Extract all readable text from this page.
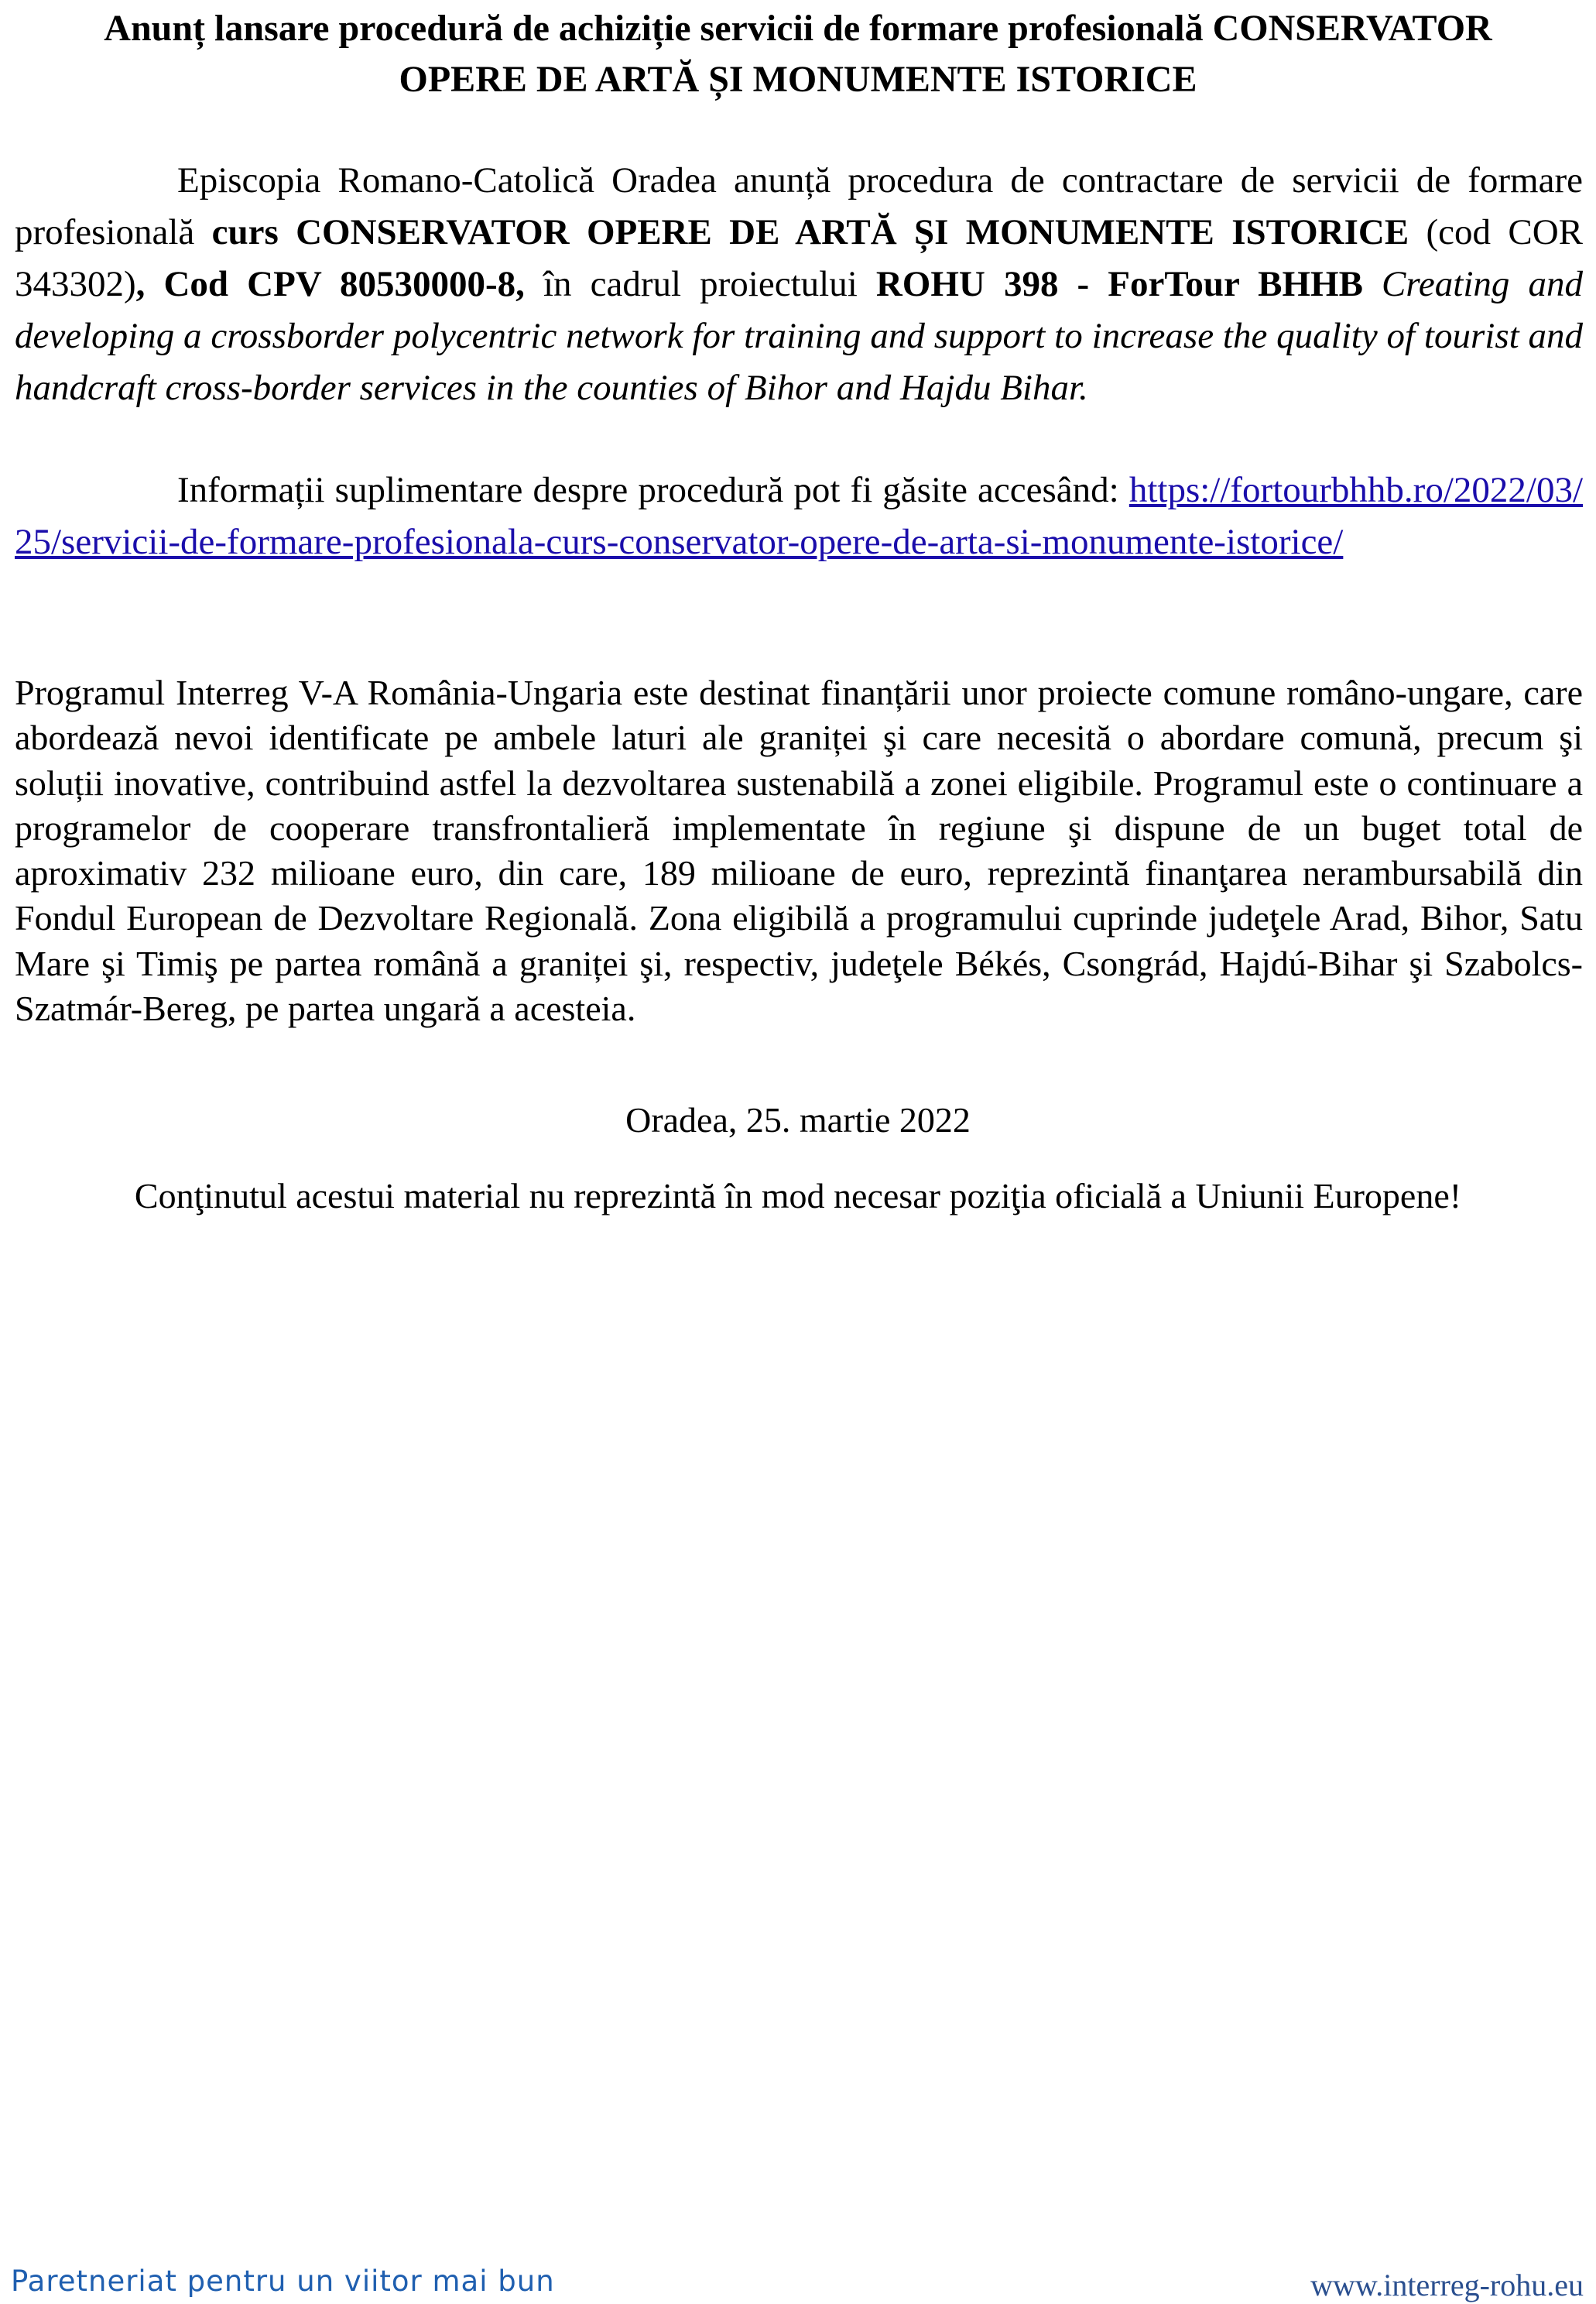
Anunț lansare procedură de achiziție servicii de formare profesională CONSERVATOR OPERE DE ARTĂ ȘI MONUMENTE ISTORICE
Episcopia Romano-Catolică Oradea anunță procedura de contractare de servicii de formare profesională curs CONSERVATOR OPERE DE ARTĂ ȘI MONUMENTE ISTORICE (cod COR 343302), Cod CPV 80530000-8, în cadrul proiectului ROHU 398 - ForTour BHHB Creating and developing a crossborder polycentric network for training and support to increase the quality of tourist and handcraft cross-border services in the counties of Bihor and Hajdu Bihar.
Informații suplimentare despre procedură pot fi găsite accesând: https://fortourbhhb.ro/2022/03/25/servicii-de-formare-profesionala-curs-conservator-opere-de-arta-si-monumente-istorice/
Programul Interreg V-A România-Ungaria este destinat finanțării unor proiecte comune româno-ungare, care abordează nevoi identificate pe ambele laturi ale graniței şi care necesită o abordare comună, precum şi soluții inovative, contribuind astfel la dezvoltarea sustenabilă a zonei eligibile. Programul este o continuare a programelor de cooperare transfrontalieră implementate în regiune şi dispune de un buget total de aproximativ 232 milioane euro, din care, 189 milioane de euro, reprezintă finanţarea nerambursabilă din Fondul European de Dezvoltare Regională. Zona eligibilă a programului cuprinde judeţele Arad, Bihor, Satu Mare şi Timiş pe partea română a graniței şi, respectiv, judeţele Békés, Csongrád, Hajdú-Bihar şi Szabolcs-Szatmár-Bereg, pe partea ungară a acesteia.
Oradea, 25. martie 2022
Conţinutul acestui material nu reprezintă în mod necesar poziţia oficială a Uniunii Europene!
Paretneriat pentru un viitor mai bun	www.interreg-rohu.eu
